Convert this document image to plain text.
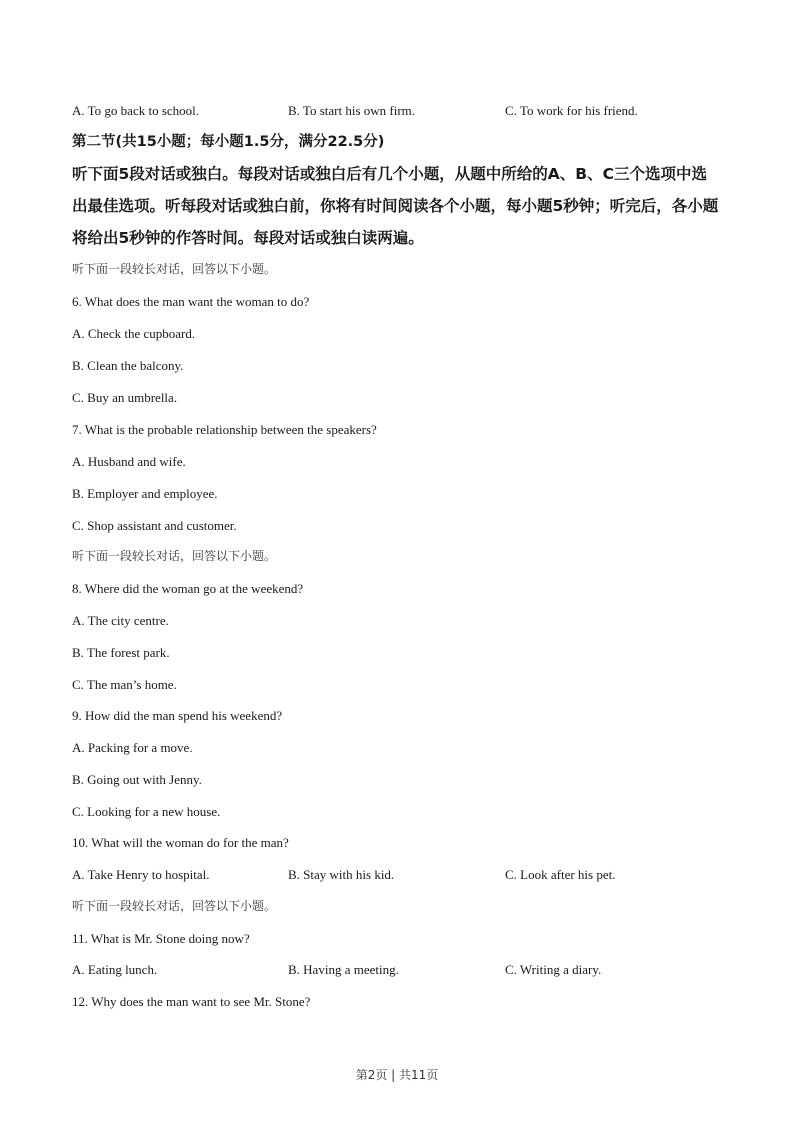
A. To go back to school.	B. To start his own firm.	C. To work for his friend.
第二节(共15小题；每小题1.5分，满分22.5分)
听下面5段对话或独白。每段对话或独白后有几个小题，从题中所给的A、B、C三个选项中选出最佳选项。听每段对话或独白前，你将有时间阅读各个小题，每小题5秒钟；听完后，各小题将给出5秒钟的作答时间。每段对话或独白读两遍。
听下面一段较长对话，回答以下小题。
6. What does the man want the woman to do?
A. Check the cupboard.
B. Clean the balcony.
C. Buy an umbrella.
7. What is the probable relationship between the speakers?
A. Husband and wife.
B. Employer and employee.
C. Shop assistant and customer.
听下面一段较长对话，回答以下小题。
8. Where did the woman go at the weekend?
A. The city centre.
B. The forest park.
C. The man’s home.
9. How did the man spend his weekend?
A. Packing for a move.
B. Going out with Jenny.
C. Looking for a new house.
10. What will the woman do for the man?
A. Take Henry to hospital.	B. Stay with his kid.	C. Look after his pet.
听下面一段较长对话，回答以下小题。
11. What is Mr. Stone doing now?
A. Eating lunch.	B. Having a meeting.	C. Writing a diary.
12. Why does the man want to see Mr. Stone?
第2页 | 共11页
